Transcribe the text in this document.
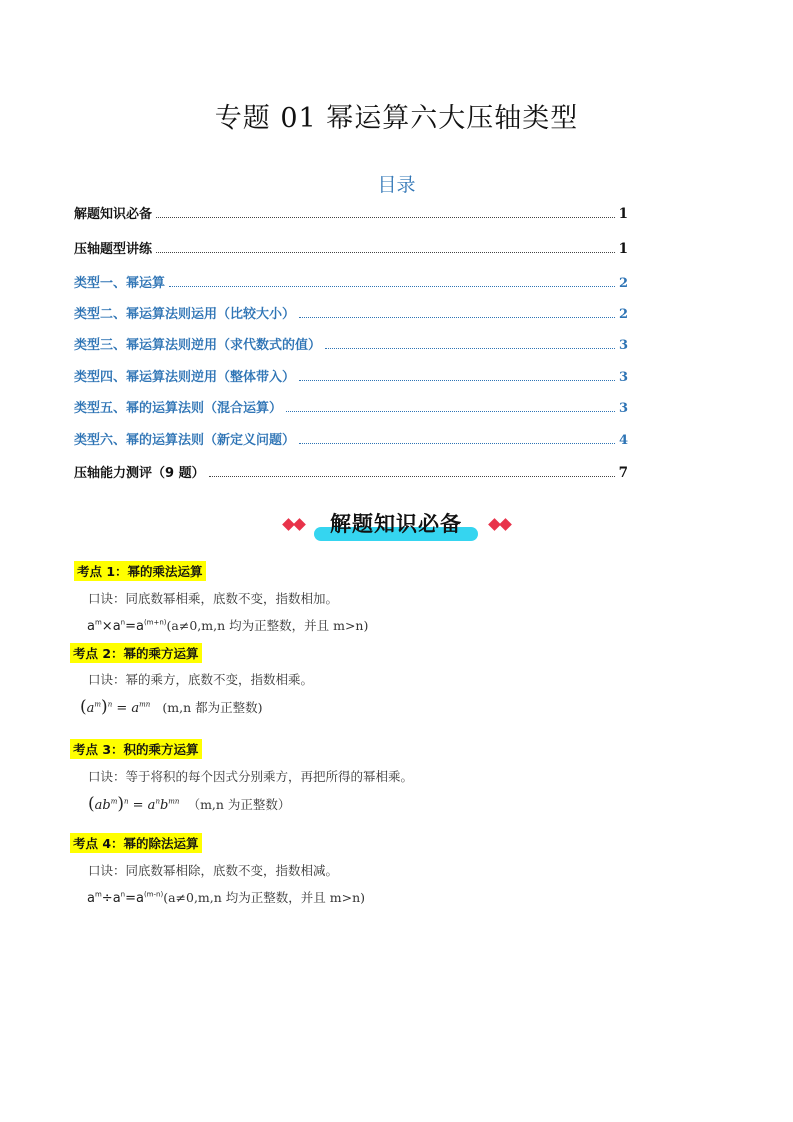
专题 01 幂运算六大压轴类型
目录
解题知识必备	1
压轴题型讲练	1
类型一、幂运算	2
类型二、幂运算法则运用（比较大小）	2
类型三、幂运算法则逆用（求代数式的值）	3
类型四、幂运算法则逆用（整体带入）	3
类型五、幂的运算法则（混合运算）	3
类型六、幂的运算法则（新定义问题）	4
压轴能力测评（9 题）	7
解题知识必备
考点 1：幂的乘法运算
口诀：同底数幂相乘，底数不变，指数相加。
$a^m\times a^n=a^{(m+n)}(a\ne 0,m,n$ 均为正整数，并且 m>n)
考点 2：幂的乘方运算
口诀：幂的乘方，底数不变，指数相乘。
$(a^m)^n = a^{mn}$ (m,n 都为正整数)
考点 3：积的乘方运算
口诀：等于将积的每个因式分别乘方，再把所得的幂相乘。
$(ab^m)^n = a^nb^{mn}$ （m,n 为正整数）
考点 4：幂的除法运算
口诀：同底数幂相除，底数不变，指数相减。
$a^m\div a^n=a^{(m-n)}(a\ne 0,m,n$ 均为正整数，并且 m>n)
